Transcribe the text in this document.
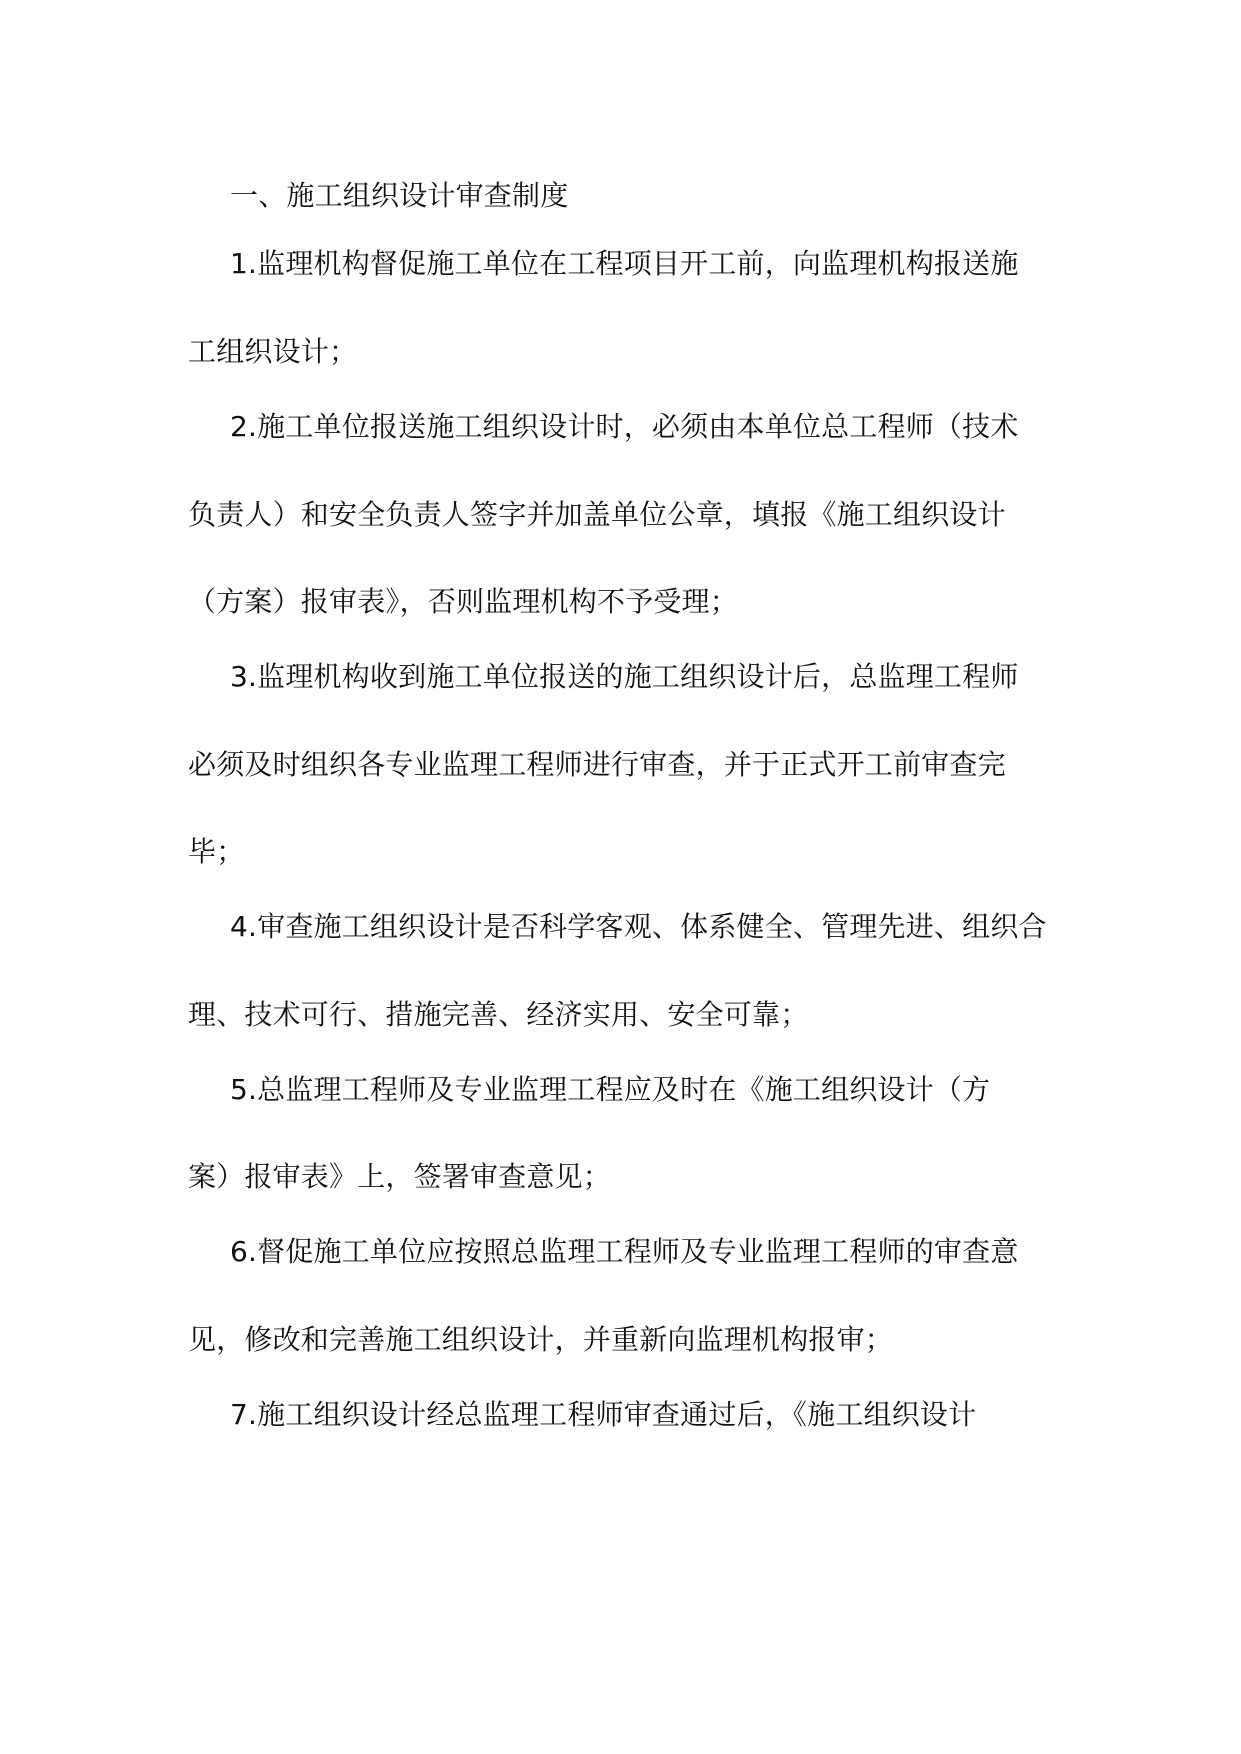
一、施工组织设计审查制度
1.监理机构督促施工单位在工程项目开工前，向监理机构报送施
工组织设计；
2.施工单位报送施工组织设计时，必须由本单位总工程师（技术
负责人）和安全负责人签字并加盖单位公章，填报《施工组织设计
（方案）报审表》，否则监理机构不予受理；
3.监理机构收到施工单位报送的施工组织设计后，总监理工程师
必须及时组织各专业监理工程师进行审查，并于正式开工前审查完
毕；
4.审查施工组织设计是否科学客观、体系健全、管理先进、组织合
理、技术可行、措施完善、经济实用、安全可靠；
5.总监理工程师及专业监理工程应及时在《施工组织设计（方
案）报审表》上，签署审查意见；
6.督促施工单位应按照总监理工程师及专业监理工程师的审查意
见，修改和完善施工组织设计，并重新向监理机构报审；
7.施工组织设计经总监理工程师审查通过后，《施工组织设计
